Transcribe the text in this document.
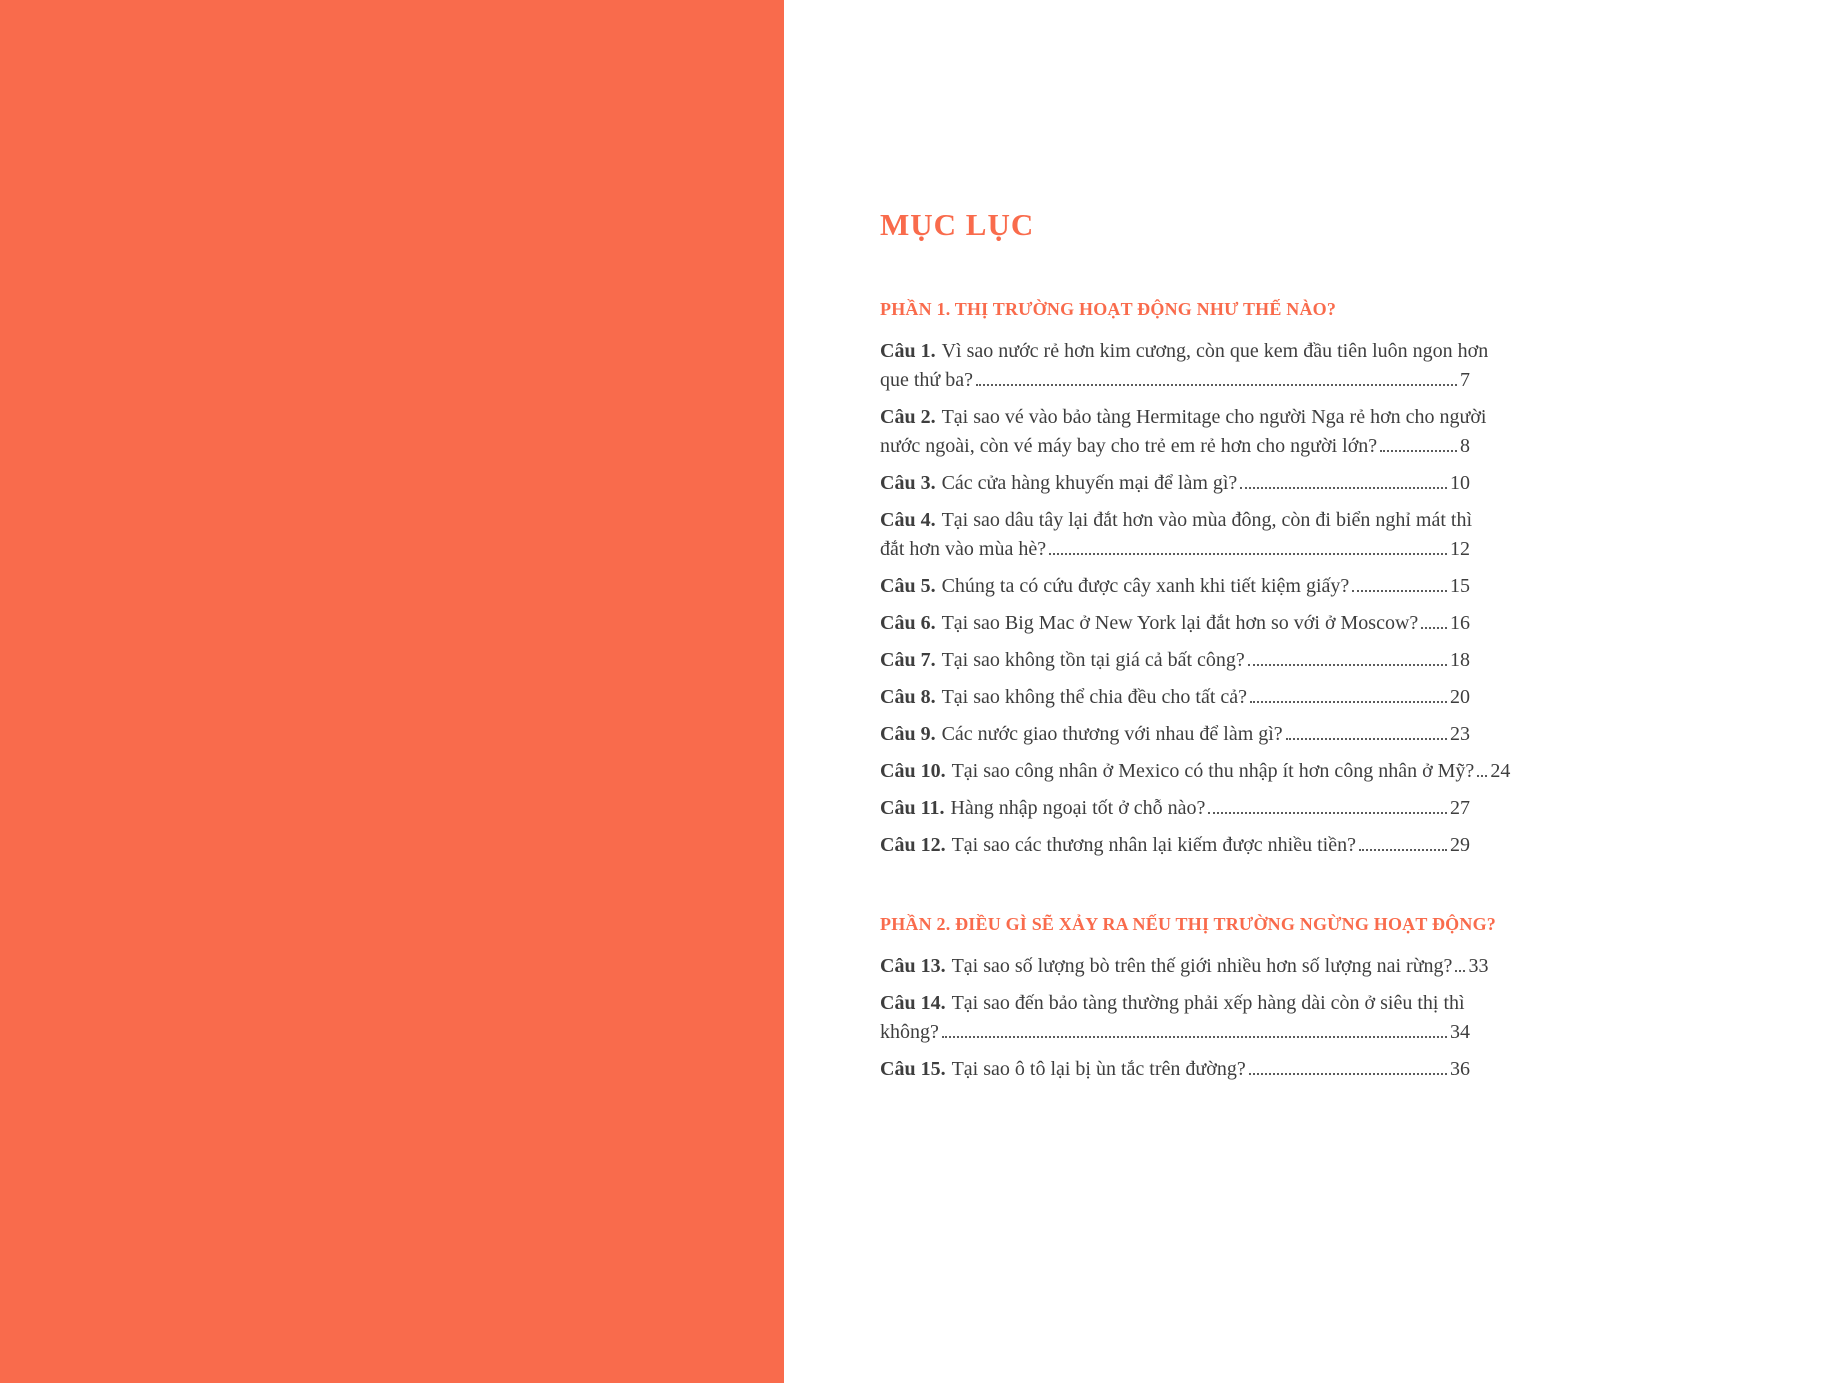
MỤC LỤC
PHẦN 1. THỊ TRƯỜNG HOẠT ĐỘNG NHƯ THẾ NÀO?
Câu 1. Vì sao nước rẻ hơn kim cương, còn que kem đầu tiên luôn ngon hơn
que thứ ba?	7
Câu 2. Tại sao vé vào bảo tàng Hermitage cho người Nga rẻ hơn cho người
nước ngoài, còn vé máy bay cho trẻ em rẻ hơn cho người lớn?	8
Câu 3. Các cửa hàng khuyến mại để làm gì?	10
Câu 4. Tại sao dâu tây lại đắt hơn vào mùa đông, còn đi biển nghỉ mát thì
đắt hơn vào mùa hè?	12
Câu 5. Chúng ta có cứu được cây xanh khi tiết kiệm giấy?	15
Câu 6. Tại sao Big Mac ở New York lại đắt hơn so với ở Moscow? 16
Câu 7. Tại sao không tồn tại giá cả bất công?	18
Câu 8. Tại sao không thể chia đều cho tất cả?	20
Câu 9. Các nước giao thương với nhau để làm gì?	23
Câu 10. Tại sao công nhân ở Mexico có thu nhập ít hơn công nhân ở Mỹ? 24
Câu 11. Hàng nhập ngoại tốt ở chỗ nào?	27
Câu 12. Tại sao các thương nhân lại kiếm được nhiều tiền?	29
PHẦN 2. ĐIỀU GÌ SẼ XẢY RA NẾU THỊ TRƯỜNG NGỪNG HOẠT ĐỘNG?
Câu 13. Tại sao số lượng bò trên thế giới nhiều hơn số lượng nai rừng? 33
Câu 14. Tại sao đến bảo tàng thường phải xếp hàng dài còn ở siêu thị thì
không?	34
Câu 15. Tại sao ô tô lại bị ùn tắc trên đường?	36
